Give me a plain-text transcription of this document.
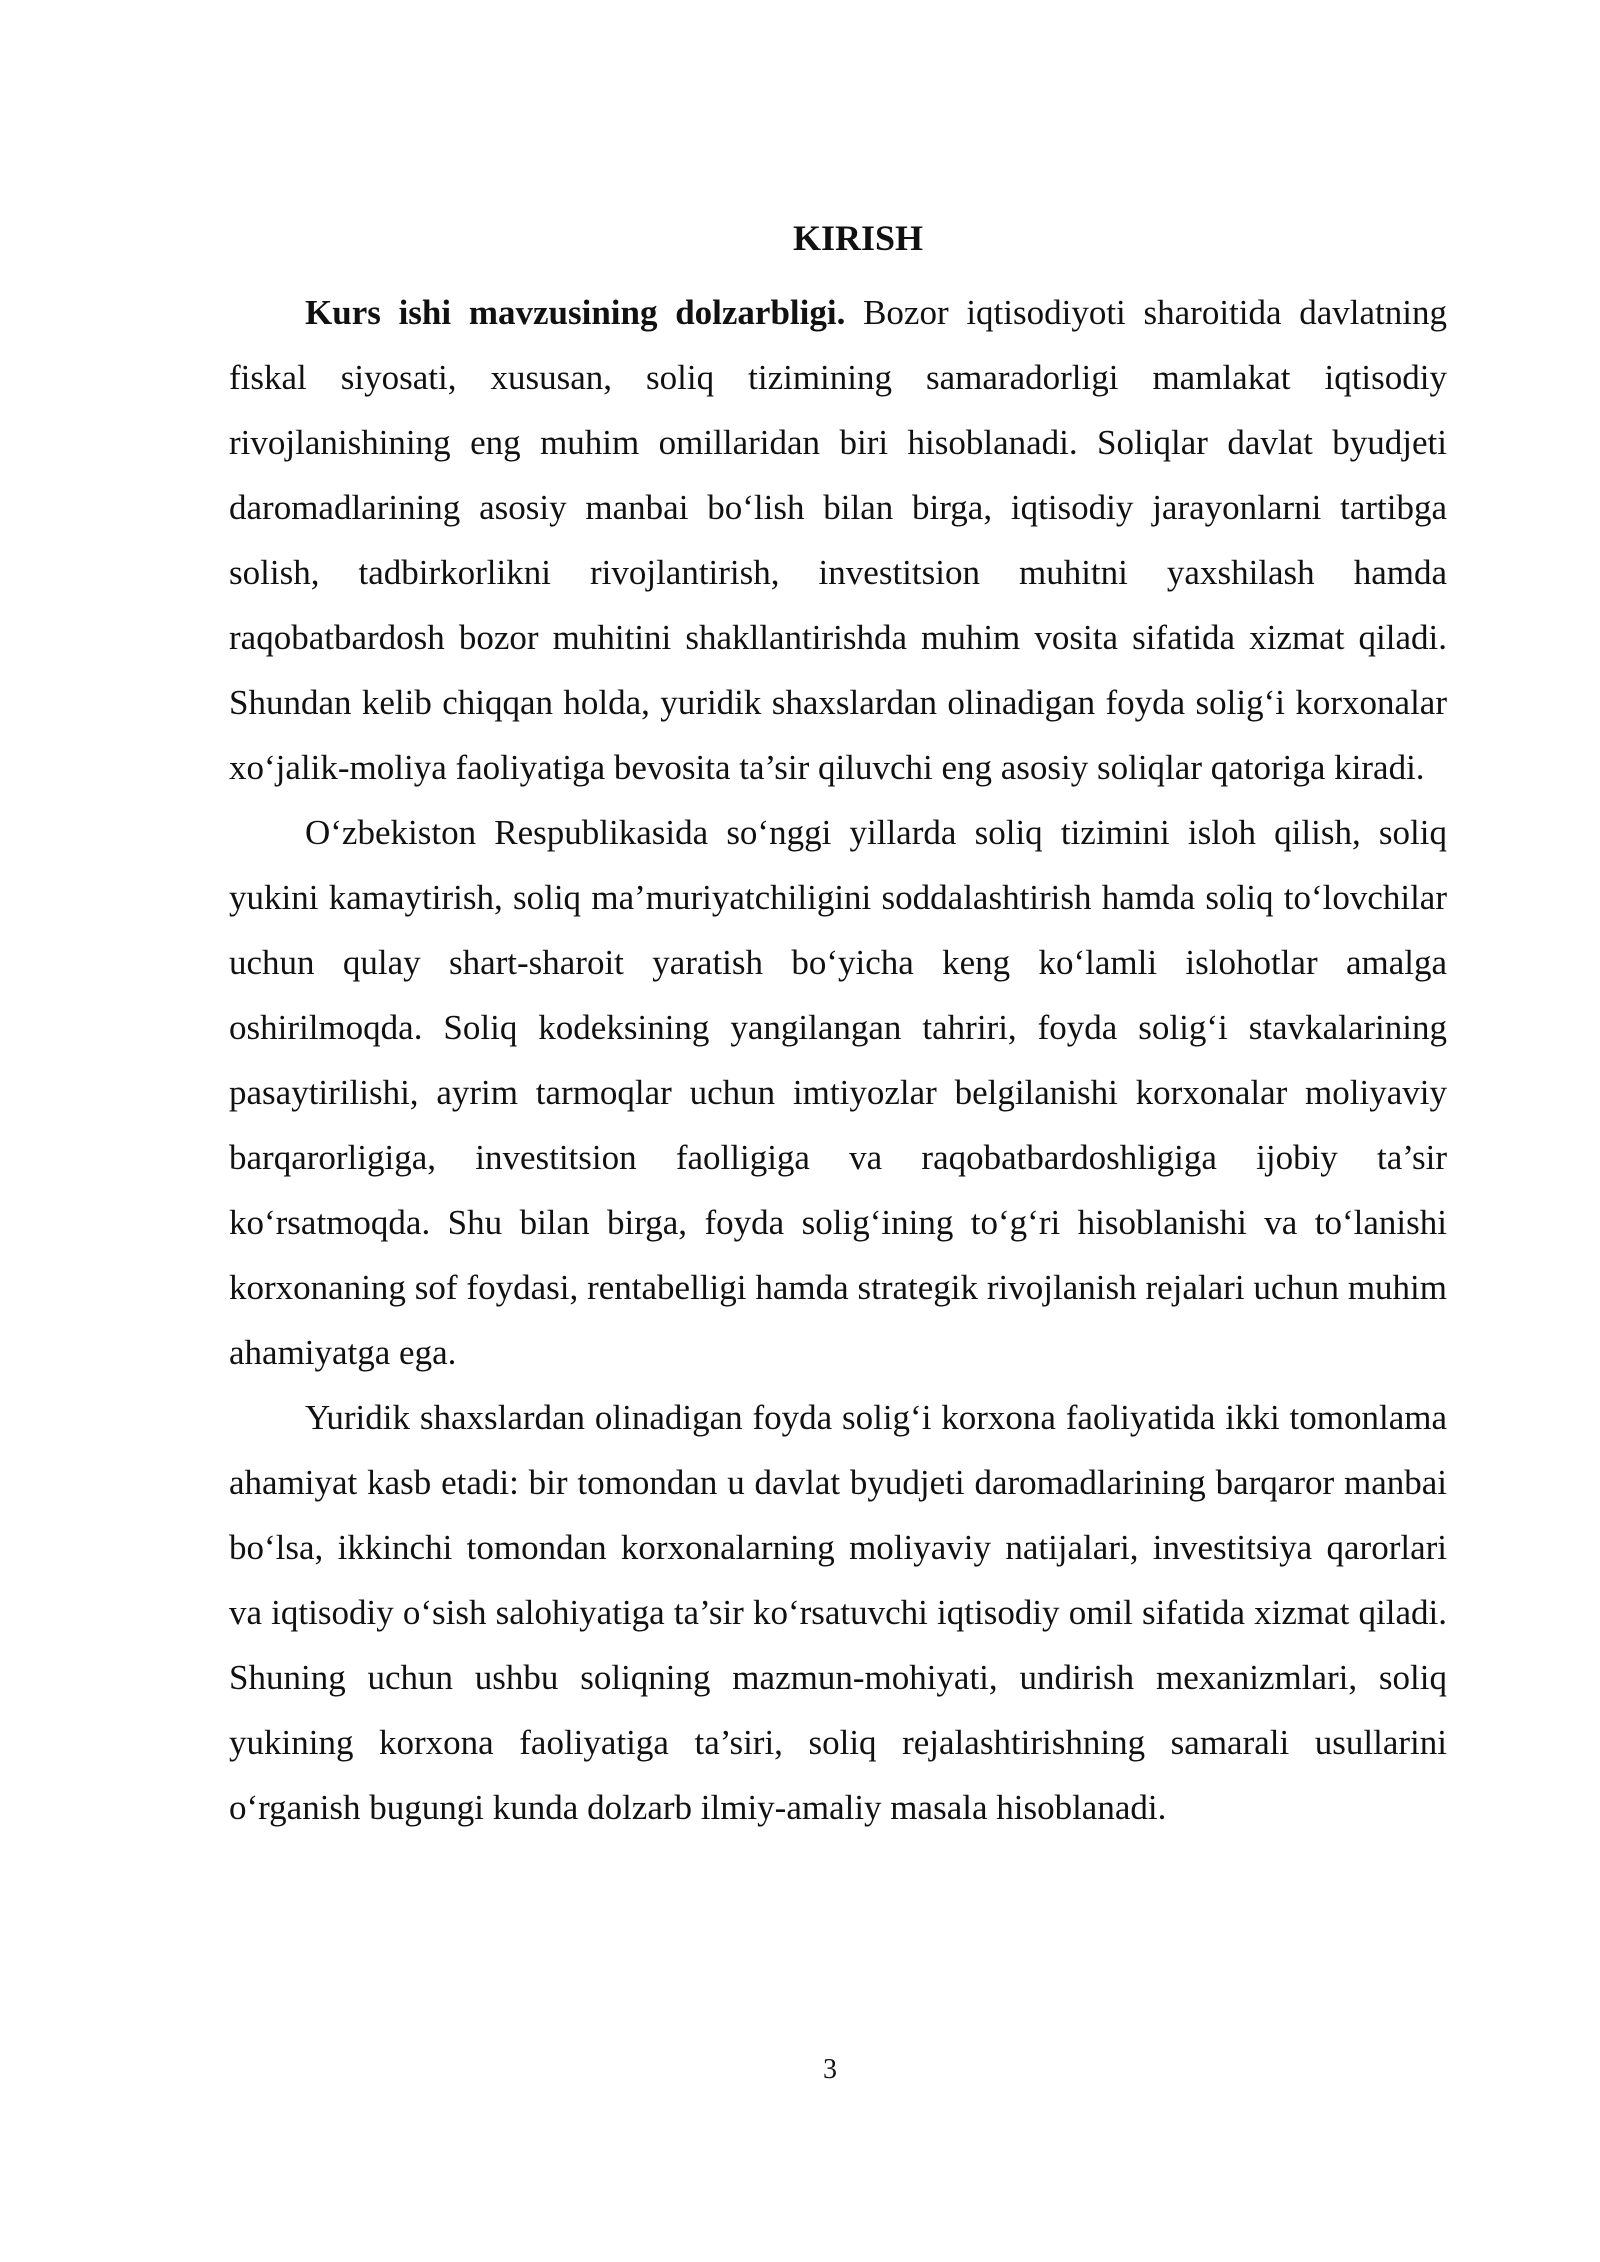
KIRISH

Kurs ishi mavzusining dolzarbligi. Bozor iqtisodiyoti sharoitida davlatning fiskal siyosati, xususan, soliq tizimining samaradorligi mamlakat iqtisodiy rivojlanishining eng muhim omillaridan biri hisoblanadi. Soliqlar davlat byudjeti daromadlarining asosiy manbai bo‘lish bilan birga, iqtisodiy jarayonlarni tartibga solish, tadbirkorlikni rivojlantirish, investitsion muhitni yaxshilash hamda raqobatbardosh bozor muhitini shakllantirishda muhim vosita sifatida xizmat qiladi. Shundan kelib chiqqan holda, yuridik shaxslardan olinadigan foyda solig‘i korxonalar xo‘jalik-moliya faoliyatiga bevosita ta’sir qiluvchi eng asosiy soliqlar qatoriga kiradi.

O‘zbekiston Respublikasida so‘nggi yillarda soliq tizimini isloh qilish, soliq yukini kamaytirish, soliq ma’muriyatchiligini soddalashtirish hamda soliq to‘lovchilar uchun qulay shart-sharoit yaratish bo‘yicha keng ko‘lamli islohotlar amalga oshirilmoqda. Soliq kodeksining yangilangan tahriri, foyda solig‘i stavkalarining pasaytirilishi, ayrim tarmoqlar uchun imtiyozlar belgilanishi korxonalar moliyaviy barqarorligiga, investitsion faolligiga va raqobatbardoshligiga ijobiy ta’sir ko‘rsatmoqda. Shu bilan birga, foyda solig‘ining to‘g‘ri hisoblanishi va to‘lanishi korxonaning sof foydasi, rentabelligi hamda strategik rivojlanish rejalari uchun muhim ahamiyatga ega.

Yuridik shaxslardan olinadigan foyda solig‘i korxona faoliyatida ikki tomonlama ahamiyat kasb etadi: bir tomondan u davlat byudjeti daromadlarining barqaror manbai bo‘lsa, ikkinchi tomondan korxonalarning moliyaviy natijalari, investitsiya qarorlari va iqtisodiy o‘sish salohiyatiga ta’sir ko‘rsatuvchi iqtisodiy omil sifatida xizmat qiladi. Shuning uchun ushbu soliqning mazmun-mohiyati, undirish mexanizmlari, soliq yukining korxona faoliyatiga ta’siri, soliq rejalashtirishning samarali usullarini o‘rganish bugungi kunda dolzarb ilmiy-amaliy masala hisoblanadi.

3
